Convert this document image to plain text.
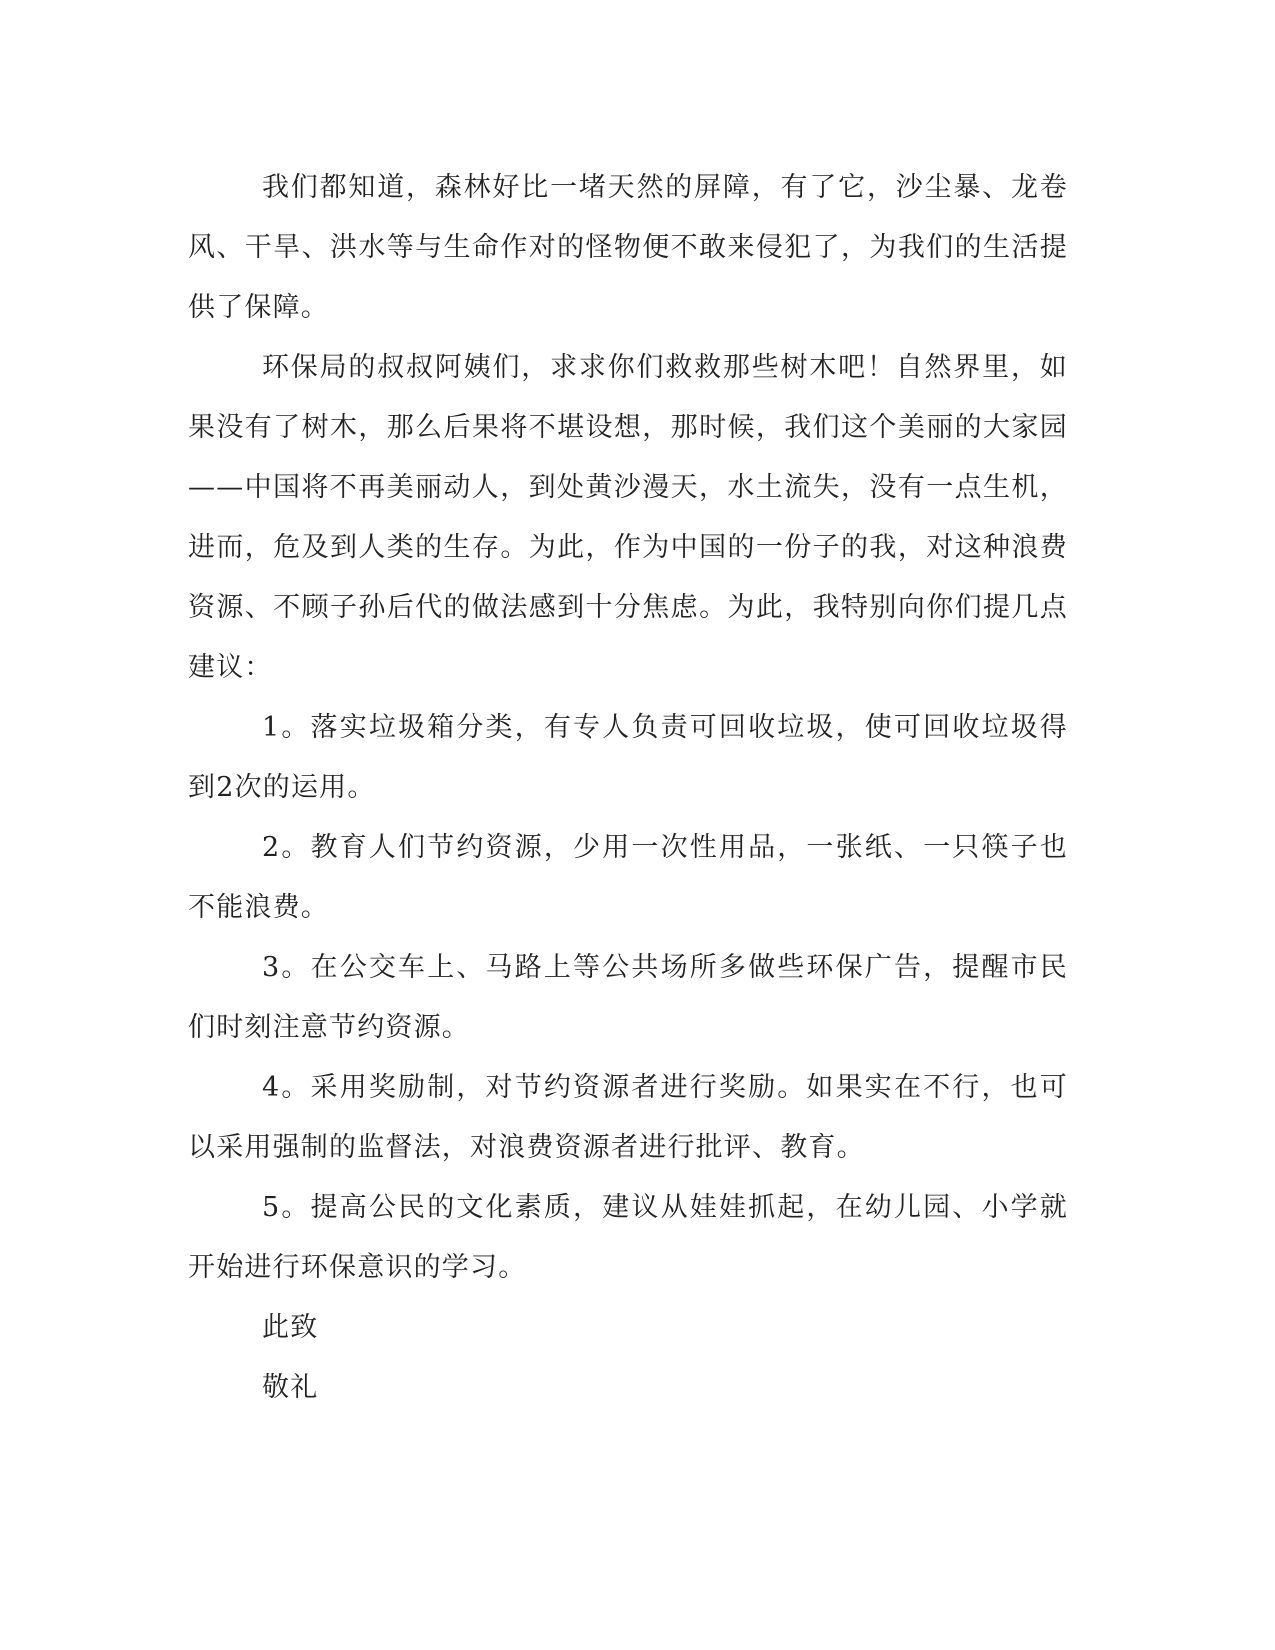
我们都知道，森林好比一堵天然的屏障，有了它，沙尘暴、龙卷风、干旱、洪水等与生命作对的怪物便不敢来侵犯了，为我们的生活提供了保障。

环保局的叔叔阿姨们，求求你们救救那些树木吧！自然界里，如果没有了树木，那么后果将不堪设想，那时候，我们这个美丽的大家园——中国将不再美丽动人，到处黄沙漫天，水土流失，没有一点生机，进而，危及到人类的生存。为此，作为中国的一份子的我，对这种浪费资源、不顾子孙后代的做法感到十分焦虑。为此，我特别向你们提几点建议：

1。落实垃圾箱分类，有专人负责可回收垃圾，使可回收垃圾得到2次的运用。

2。教育人们节约资源，少用一次性用品，一张纸、一只筷子也不能浪费。

3。在公交车上、马路上等公共场所多做些环保广告，提醒市民们时刻注意节约资源。

4。采用奖励制，对节约资源者进行奖励。如果实在不行，也可以采用强制的监督法，对浪费资源者进行批评、教育。

5。提高公民的文化素质，建议从娃娃抓起，在幼儿园、小学就开始进行环保意识的学习。

此致

敬礼
